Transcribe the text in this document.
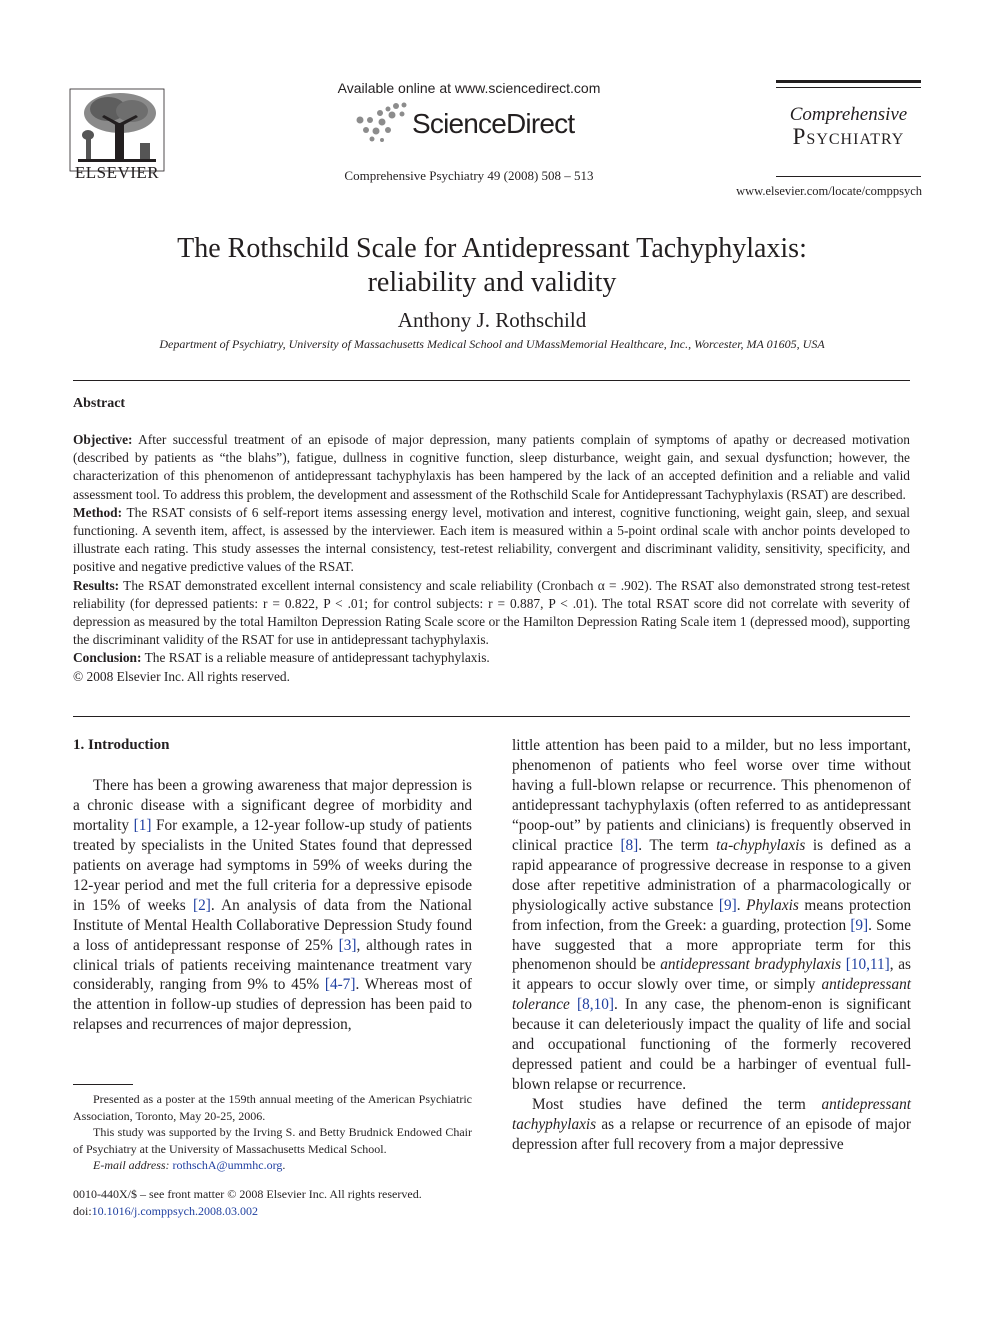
ELSEVIER
Available online at www.sciencedirect.com
ScienceDirect
Comprehensive Psychiatry 49 (2008) 508 – 513
Comprehensive
Psychiatry
www.elsevier.com/locate/comppsych
The Rothschild Scale for Antidepressant Tachyphylaxis:
reliability and validity
Anthony J. Rothschild
Department of Psychiatry, University of Massachusetts Medical School and UMassMemorial Healthcare, Inc., Worcester, MA 01605, USA
Abstract

Objective: After successful treatment of an episode of major depression, many patients complain of symptoms of apathy or decreased motivation (described by patients as “the blahs”), fatigue, dullness in cognitive function, sleep disturbance, weight gain, and sexual dysfunction; however, the characterization of this phenomenon of antidepressant tachyphylaxis has been hampered by the lack of an accepted definition and a reliable and valid assessment tool. To address this problem, the development and assessment of the Rothschild Scale for Antidepressant Tachyphylaxis (RSAT) are described.

Method: The RSAT consists of 6 self-report items assessing energy level, motivation and interest, cognitive functioning, weight gain, sleep, and sexual functioning. A seventh item, affect, is assessed by the interviewer. Each item is measured within a 5-point ordinal scale with anchor points developed to illustrate each rating. This study assesses the internal consistency, test-retest reliability, convergent and discriminant validity, sensitivity, specificity, and positive and negative predictive values of the RSAT.

Results: The RSAT demonstrated excellent internal consistency and scale reliability (Cronbach α = .902). The RSAT also demonstrated strong test-retest reliability (for depressed patients: r = 0.822, P < .01; for control subjects: r = 0.887, P < .01). The total RSAT score did not correlate with severity of depression as measured by the total Hamilton Depression Rating Scale score or the Hamilton Depression Rating Scale item 1 (depressed mood), supporting the discriminant validity of the RSAT for use in antidepressant tachyphylaxis.

Conclusion: The RSAT is a reliable measure of antidepressant tachyphylaxis.

© 2008 Elsevier Inc. All rights reserved.

1. Introduction

There has been a growing awareness that major depression is a chronic disease with a significant degree of morbidity and mortality [1] For example, a 12-year follow-up study of patients treated by specialists in the United States found that depressed patients on average had symptoms in 59% of weeks during the 12-year period and met the full criteria for a depressive episode in 15% of weeks [2]. An analysis of data from the National Institute of Mental Health Collaborative Depression Study found a loss of antidepressant response of 25% [3], although rates in clinical trials of patients receiving maintenance treatment vary considerably, ranging from 9% to 45% [4-7]. Whereas most of the attention in follow-up studies of depression has been paid to relapses and recurrences of major depression,

Presented as a poster at the 159th annual meeting of the American Psychiatric Association, Toronto, May 20-25, 2006.

This study was supported by the Irving S. and Betty Brudnick Endowed Chair of Psychiatry at the University of Massachusetts Medical School.

E-mail address: rothschA@ummhc.org.

0010-440X/$ – see front matter © 2008 Elsevier Inc. All rights reserved.

doi:10.1016/j.comppsych.2008.03.002

little attention has been paid to a milder, but no less important, phenomenon of patients who feel worse over time without having a full-blown relapse or recurrence. This phenomenon of antidepressant tachyphylaxis (often referred to as antidepressant “poop-out” by patients and clinicians) is frequently observed in clinical practice [8]. The term ta-chyphylaxis is defined as a rapid appearance of progressive decrease in response to a given dose after repetitive administration of a pharmacologically or physiologically active substance [9]. Phylaxis means protection from infection, from the Greek: a guarding, protection [9]. Some have suggested that a more appropriate term for this phenomenon should be antidepressant bradyphylaxis [10,11], as it appears to occur slowly over time, or simply antidepressant tolerance [8,10]. In any case, the phenom-enon is significant because it can deleteriously impact the quality of life and social and occupational functioning of the formerly recovered depressed patient and could be a harbinger of eventual full-blown relapse or recurrence.

Most studies have defined the term antidepressant tachyphylaxis as a relapse or recurrence of an episode of major depression after full recovery from a major depressive
